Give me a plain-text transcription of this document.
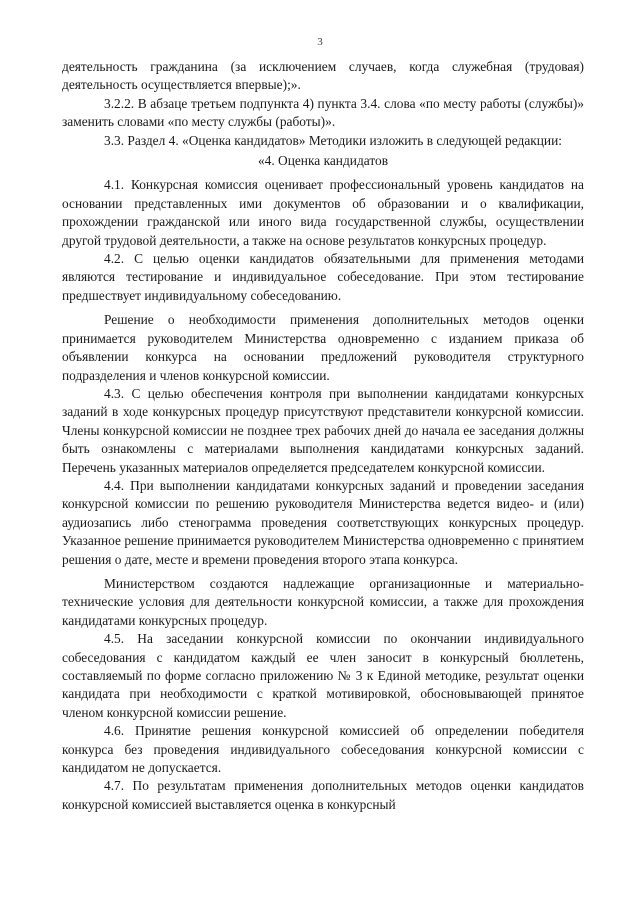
3

деятельность гражданина (за исключением случаев, когда служебная (трудовая) деятельность осуществляется впервые);».

3.2.2. В абзаце третьем подпункта 4) пункта 3.4. слова «по месту работы (службы)» заменить словами «по месту службы (работы)».

3.3. Раздел 4. «Оценка кандидатов» Методики изложить в следующей редакции:

«4. Оценка кандидатов

4.1. Конкурсная комиссия оценивает профессиональный уровень кандидатов на основании представленных ими документов об образовании и о квалификации, прохождении гражданской или иного вида государственной службы, осуществлении другой трудовой деятельности, а также на основе результатов конкурсных процедур.

4.2. С целью оценки кандидатов обязательными для применения методами являются тестирование и индивидуальное собеседование. При этом тестирование предшествует индивидуальному собеседованию.

Решение о необходимости применения дополнительных методов оценки принимается руководителем Министерства одновременно с изданием приказа об объявлении конкурса на основании предложений руководителя структурного подразделения и членов конкурсной комиссии.

4.3. С целью обеспечения контроля при выполнении кандидатами конкурсных заданий в ходе конкурсных процедур присутствуют представители конкурсной комиссии. Члены конкурсной комиссии не позднее трех рабочих дней до начала ее заседания должны быть ознакомлены с материалами выполнения кандидатами конкурсных заданий. Перечень указанных материалов определяется председателем конкурсной комиссии.

4.4. При выполнении кандидатами конкурсных заданий и проведении заседания конкурсной комиссии по решению руководителя Министерства ведется видео- и (или) аудиозапись либо стенограмма проведения соответствующих конкурсных процедур. Указанное решение принимается руководителем Министерства одновременно с принятием решения о дате, месте и времени проведения второго этапа конкурса.

Министерством создаются надлежащие организационные и материально-технические условия для деятельности конкурсной комиссии, а также для прохождения кандидатами конкурсных процедур.

4.5. На заседании конкурсной комиссии по окончании индивидуального собеседования с кандидатом каждый ее член заносит в конкурсный бюллетень, составляемый по форме согласно приложению № 3 к Единой методике, результат оценки кандидата при необходимости с краткой мотивировкой, обосновывающей принятое членом конкурсной комиссии решение.

4.6. Принятие решения конкурсной комиссией об определении победителя конкурса без проведения индивидуального собеседования конкурсной комиссии с кандидатом не допускается.

4.7. По результатам применения дополнительных методов оценки кандидатов конкурсной комиссией выставляется оценка в конкурсный
